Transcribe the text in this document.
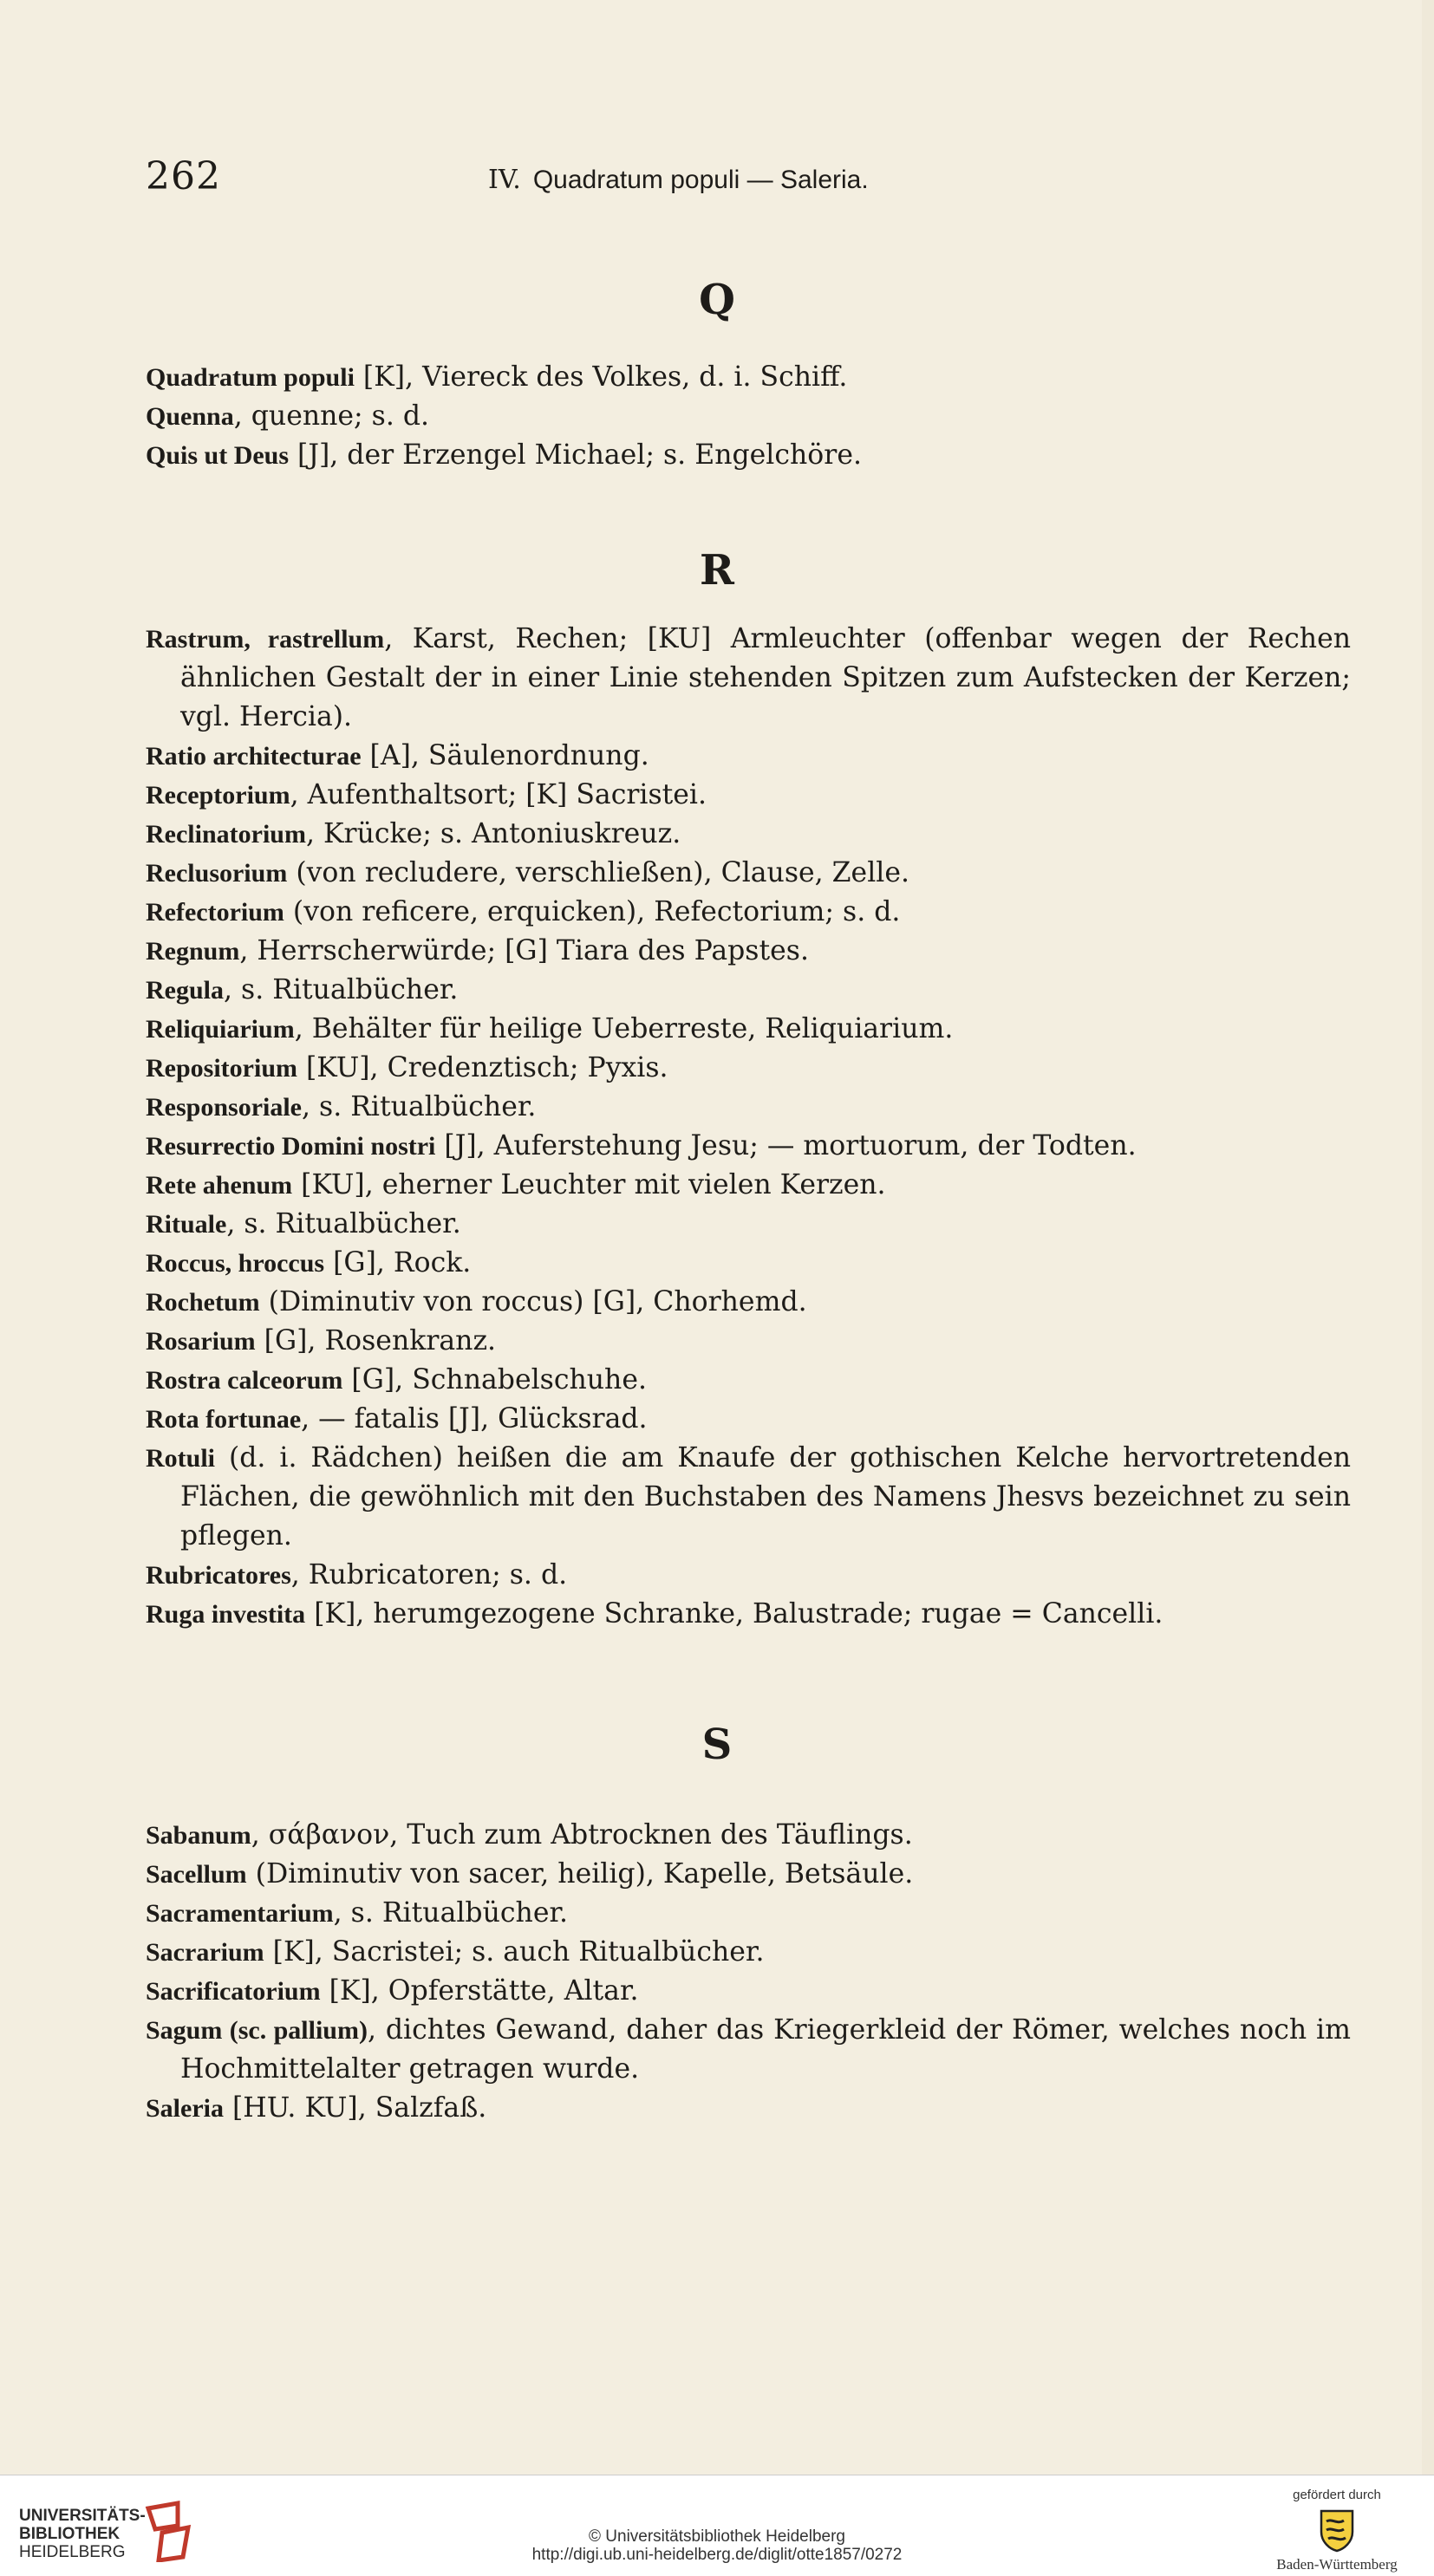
262	IV. Quadratum populi — Saleria.
Q
Quadratum populi [K], Viereck des Volkes, d. i. Schiff.
Quenna, quenne; s. d.
Quis ut Deus [J], der Erzengel Michael; s. Engelchöre.
R
Rastrum, rastrellum, Karst, Rechen; [KU] Armleuchter (offenbar wegen der Rechen ähnlichen Gestalt der in einer Linie stehenden Spitzen zum Aufstecken der Kerzen; vgl. Hercia).
Ratio architecturae [A], Säulenordnung.
Receptorium, Aufenthaltsort; [K] Sacristei.
Reclinatorium, Krücke; s. Antoniuskreuz.
Reclusorium (von recludere, verschließen), Clause, Zelle.
Refectorium (von reficere, erquicken), Refectorium; s. d.
Regnum, Herrscherwürde; [G] Tiara des Papstes.
Regula, s. Ritualbücher.
Reliquiarium, Behälter für heilige Ueberreste, Reliquiarium.
Repositorium [KU], Credenztisch; Pyxis.
Responsoriale, s. Ritualbücher.
Resurrectio Domini nostri [J], Auferstehung Jesu; — mortuorum, der Todten.
Rete ahenum [KU], eherner Leuchter mit vielen Kerzen.
Rituale, s. Ritualbücher.
Roccus, hroccus [G], Rock.
Rochetum (Diminutiv von roccus) [G], Chorhemd.
Rosarium [G], Rosenkranz.
Rostra calceorum [G], Schnabelschuhe.
Rota fortunae, — fatalis [J], Glücksrad.
Rotuli (d. i. Rädchen) heißen die am Knaufe der gothischen Kelche hervortretenden Flächen, die gewöhnlich mit den Buchstaben des Namens Jhesvs bezeichnet zu sein pflegen.
Rubricatores, Rubricatoren; s. d.
Ruga investita [K], herumgezogene Schranke, Balustrade; rugae = Cancelli.
S
Sabanum, σάβανον, Tuch zum Abtrocknen des Täuflings.
Sacellum (Diminutiv von sacer, heilig), Kapelle, Betsäule.
Sacramentarium, s. Ritualbücher.
Sacrarium [K], Sacristei; s. auch Ritualbücher.
Sacrificatorium [K], Opferstätte, Altar.
Sagum (sc. pallium), dichtes Gewand, daher das Kriegerkleid der Römer, welches noch im Hochmittelalter getragen wurde.
Saleria [HU. KU], Salzfaß.
UNIVERSITÄTS-
BIBLIOTHEK
HEIDELBERG
© Universitätsbibliothek Heidelberg
http://digi.ub.uni-heidelberg.de/diglit/otte1857/0272
gefördert durch
Baden-Württemberg
